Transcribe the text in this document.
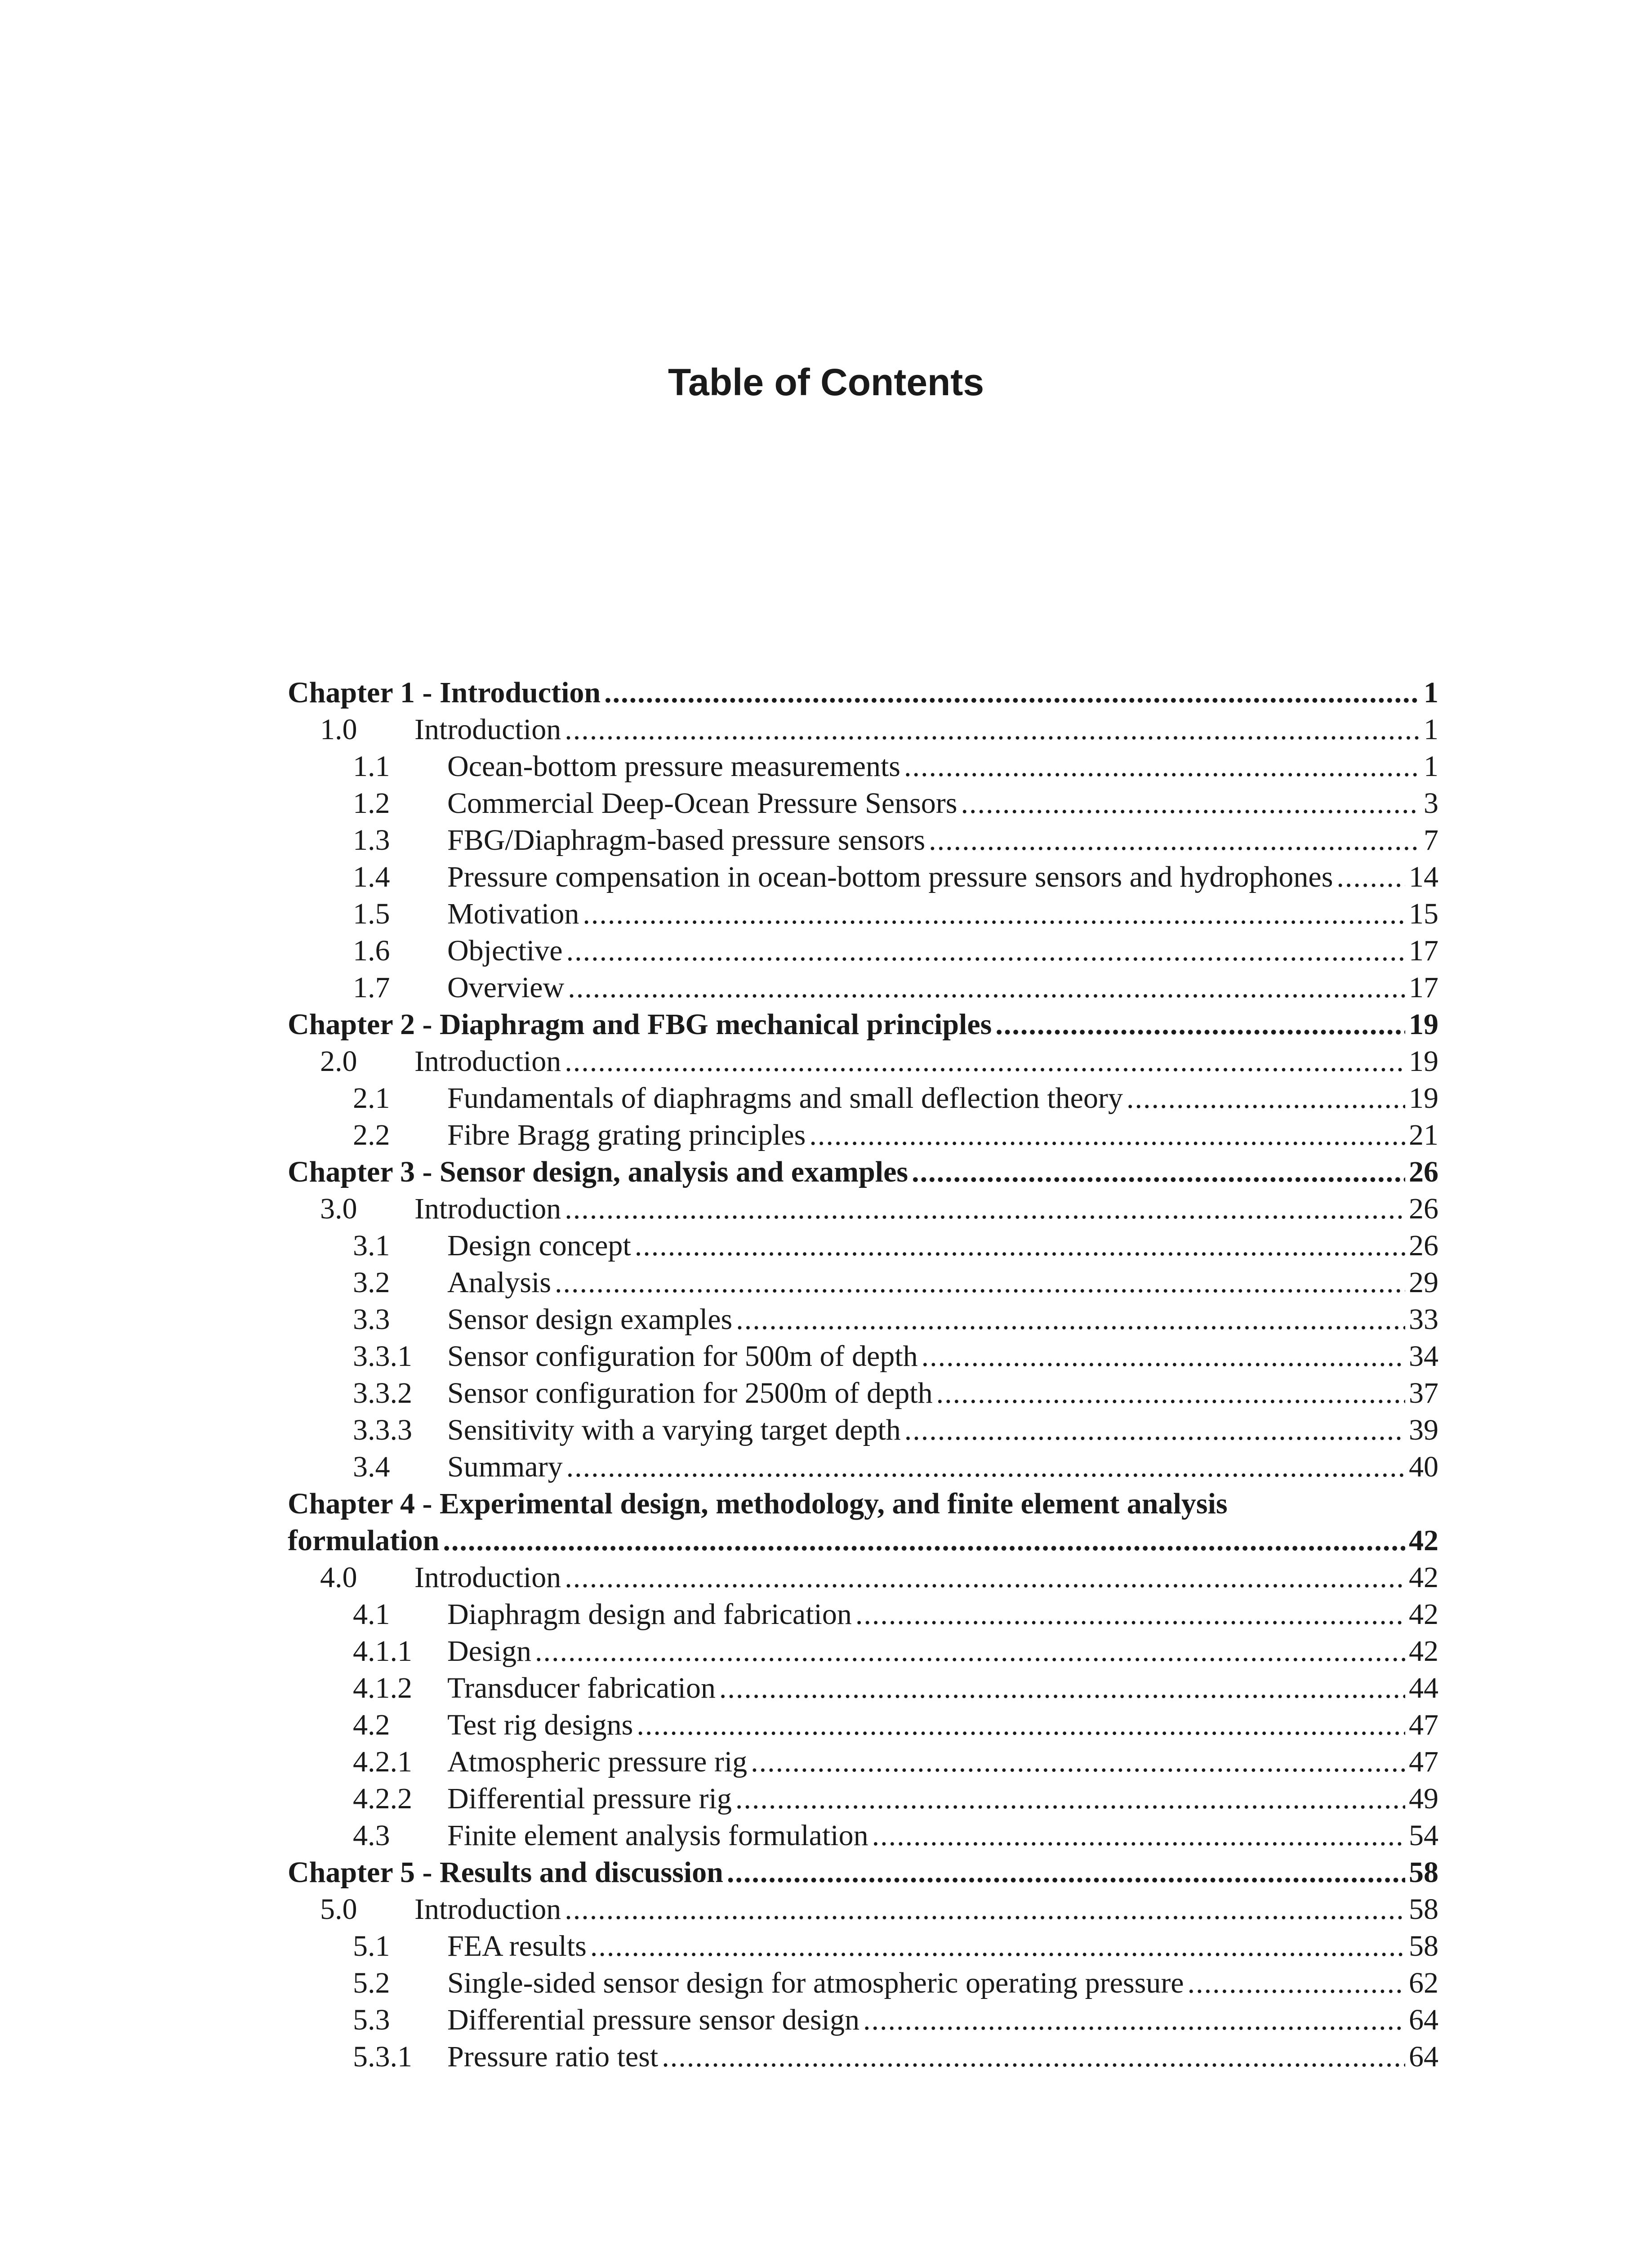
Table of Contents
Chapter 1 - Introduction .....	1
1.0	Introduction .....	1
1.1	Ocean-bottom pressure measurements .....	1
1.2	Commercial Deep-Ocean Pressure Sensors .....	3
1.3	FBG/Diaphragm-based pressure sensors .....	7
1.4	Pressure compensation in ocean-bottom pressure sensors and hydrophones .....	14
1.5	Motivation .....	15
1.6	Objective .....	17
1.7	Overview .....	17
Chapter 2 - Diaphragm and FBG mechanical principles .....	19
2.0	Introduction .....	19
2.1	Fundamentals of diaphragms and small deflection theory .....	19
2.2	Fibre Bragg grating principles .....	21
Chapter 3 - Sensor design, analysis and examples .....	26
3.0	Introduction .....	26
3.1	Design concept .....	26
3.2	Analysis .....	29
3.3	Sensor design examples .....	33
3.3.1	Sensor configuration for 500m of depth .....	34
3.3.2	Sensor configuration for 2500m of depth .....	37
3.3.3	Sensitivity with a varying target depth .....	39
3.4	Summary .....	40
Chapter 4 - Experimental design, methodology, and finite element analysis
formulation .....	42
4.0	Introduction .....	42
4.1	Diaphragm design and fabrication .....	42
4.1.1	Design .....	42
4.1.2	Transducer fabrication .....	44
4.2	Test rig designs .....	47
4.2.1	Atmospheric pressure rig .....	47
4.2.2	Differential pressure rig .....	49
4.3	Finite element analysis formulation .....	54
Chapter 5 - Results and discussion .....	58
5.0	Introduction .....	58
5.1	FEA results .....	58
5.2	Single-sided sensor design for atmospheric operating pressure .....	62
5.3	Differential pressure sensor design .....	64
5.3.1	Pressure ratio test .....	64
